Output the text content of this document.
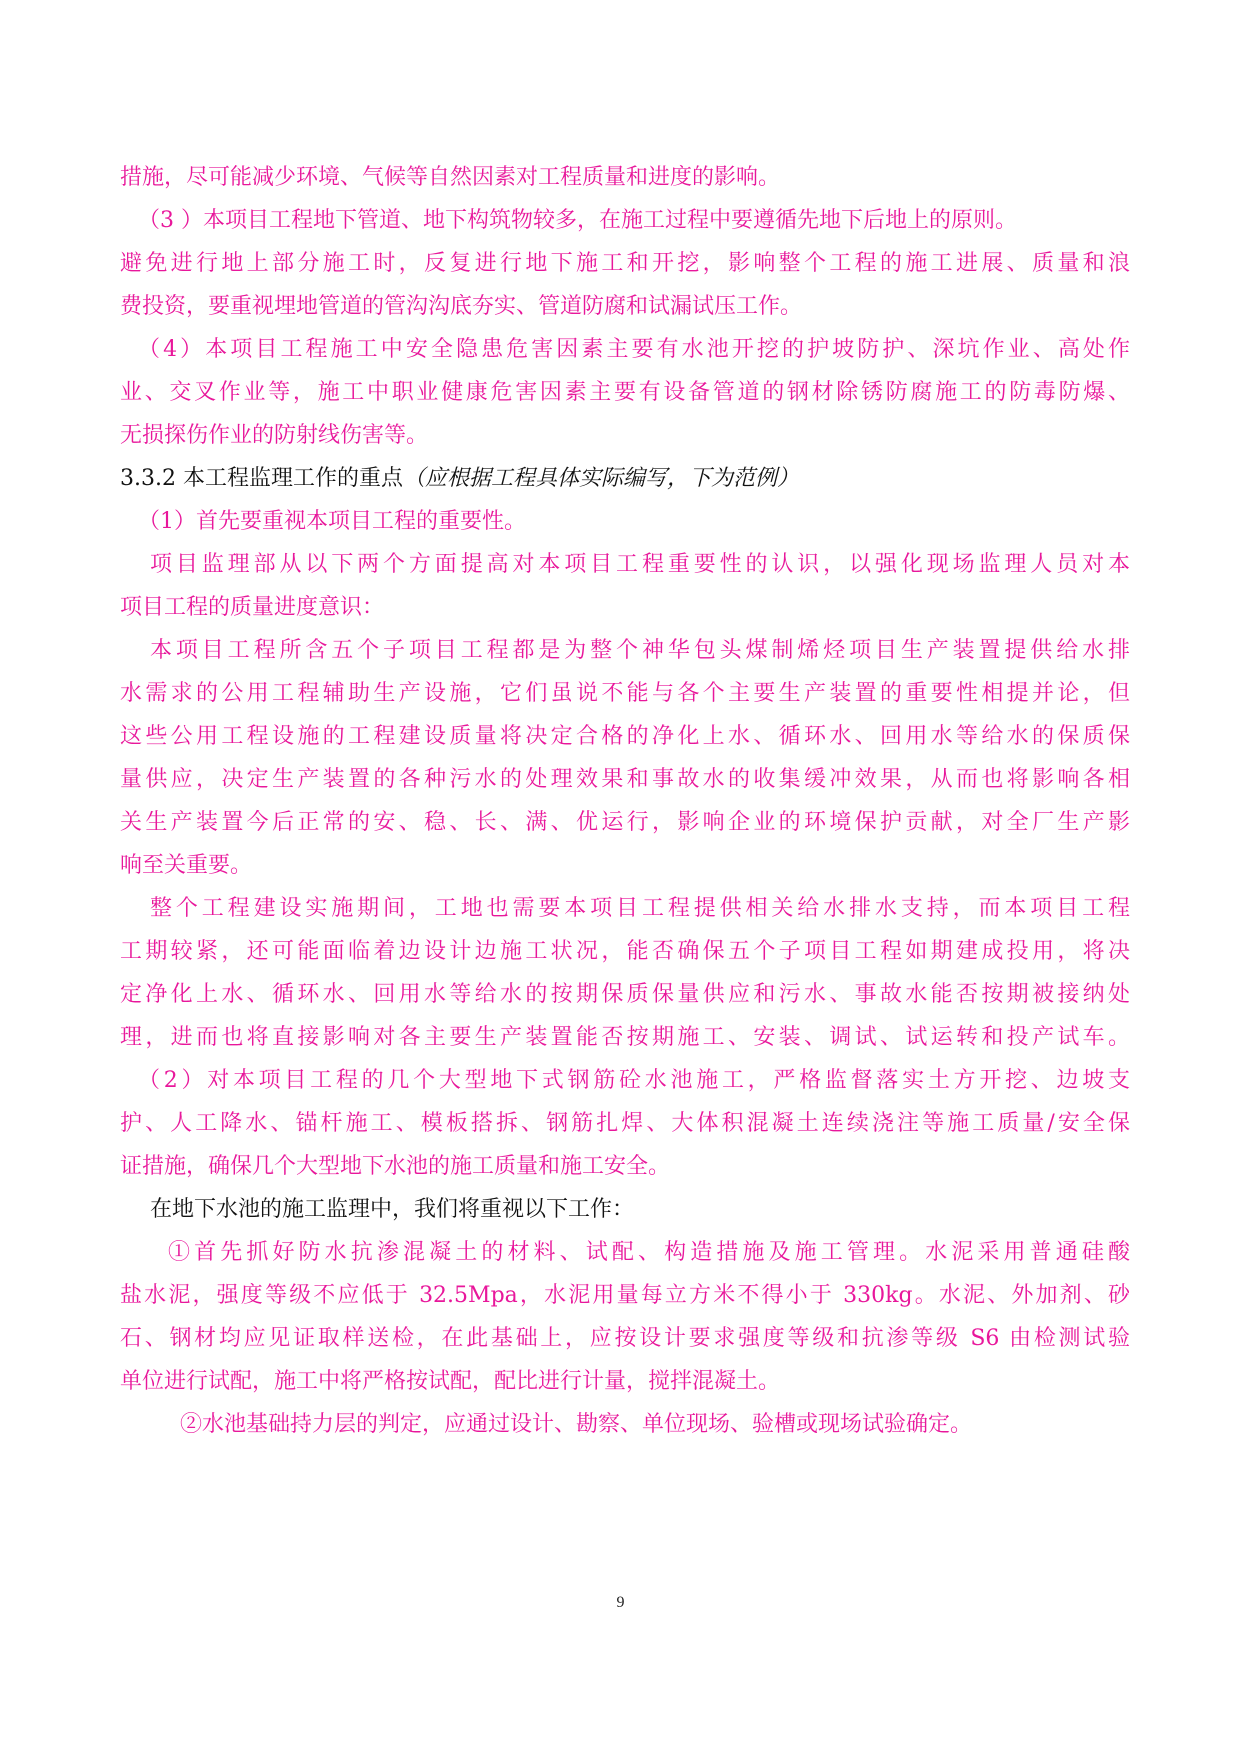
措施，尽可能减少环境、气候等自然因素对工程质量和进度的影响。
（3 ）本项目工程地下管道、地下构筑物较多，在施工过程中要遵循先地下后地上的原则。
避免进行地上部分施工时，反复进行地下施工和开挖，影响整个工程的施工进展、质量和浪
费投资，要重视埋地管道的管沟沟底夯实、管道防腐和试漏试压工作。
（4）本项目工程施工中安全隐患危害因素主要有水池开挖的护坡防护、深坑作业、高处作
业、交叉作业等，施工中职业健康危害因素主要有设备管道的钢材除锈防腐施工的防毒防爆、
无损探伤作业的防射线伤害等。
3.3.2 本工程监理工作的重点（应根据工程具体实际编写，下为范例）
（1）首先要重视本项目工程的重要性。
项目监理部从以下两个方面提高对本项目工程重要性的认识，以强化现场监理人员对本
项目工程的质量进度意识：
本项目工程所含五个子项目工程都是为整个神华包头煤制烯烃项目生产装置提供给水排
水需求的公用工程辅助生产设施，它们虽说不能与各个主要生产装置的重要性相提并论，但
这些公用工程设施的工程建设质量将决定合格的净化上水、循环水、回用水等给水的保质保
量供应，决定生产装置的各种污水的处理效果和事故水的收集缓冲效果，从而也将影响各相
关生产装置今后正常的安、稳、长、满、优运行，影响企业的环境保护贡献，对全厂生产影
响至关重要。
整个工程建设实施期间，工地也需要本项目工程提供相关给水排水支持，而本项目工程
工期较紧，还可能面临着边设计边施工状况，能否确保五个子项目工程如期建成投用，将决
定净化上水、循环水、回用水等给水的按期保质保量供应和污水、事故水能否按期被接纳处
理，进而也将直接影响对各主要生产装置能否按期施工、安装、调试、试运转和投产试车。
（2）对本项目工程的几个大型地下式钢筋砼水池施工，严格监督落实土方开挖、边坡支
护、人工降水、锚杆施工、模板搭拆、钢筋扎焊、大体积混凝土连续浇注等施工质量/安全保
证措施，确保几个大型地下水池的施工质量和施工安全。
在地下水池的施工监理中，我们将重视以下工作：
①首先抓好防水抗渗混凝土的材料、试配、构造措施及施工管理。水泥采用普通硅酸
盐水泥，强度等级不应低于 32.5Mpa，水泥用量每立方米不得小于 330kg。水泥、外加剂、砂
石、钢材均应见证取样送检，在此基础上，应按设计要求强度等级和抗渗等级 S6 由检测试验
单位进行试配，施工中将严格按试配，配比进行计量，搅拌混凝土。
②水池基础持力层的判定，应通过设计、勘察、单位现场、验槽或现场试验确定。
9
